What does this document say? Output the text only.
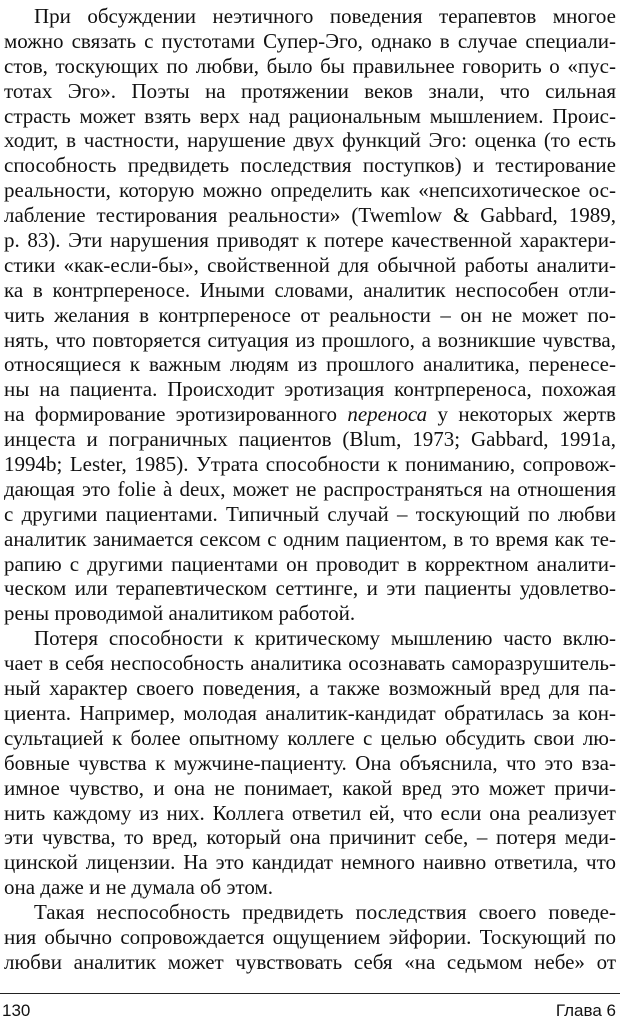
При обсуждении неэтичного поведения терапевтов многое
можно связать с пустотами Супер-Эго, однако в случае специали-
стов, тоскующих по любви, было бы правильнее говорить о «пус-
тотах Эго». Поэты на протяжении веков знали, что сильная
страсть может взять верх над рациональным мышлением. Проис-
ходит, в частности, нарушение двух функций Эго: оценка (то есть
способность предвидеть последствия поступков) и тестирование
реальности, которую можно определить как «непсихотическое ос-
лабление тестирования реальности» (Twemlow & Gabbard, 1989,
p. 83). Эти нарушения приводят к потере качественной характери-
стики «как-если-бы», свойственной для обычной работы аналити-
ка в контрпереносе. Иными словами, аналитик неспособен отли-
чить желания в контрпереносе от реальности – он не может по-
нять, что повторяется ситуация из прошлого, а возникшие чувства,
относящиеся к важным людям из прошлого аналитика, перенесе-
ны на пациента. Происходит эротизация контрпереноса, похожая
на формирование эротизированного переноса у некоторых жертв
инцеста и пограничных пациентов (Blum, 1973; Gabbard, 1991a,
1994b; Lester, 1985). Утрата способности к пониманию, сопровож-
дающая это folie à deux, может не распространяться на отношения
с другими пациентами. Типичный случай – тоскующий по любви
аналитик занимается сексом с одним пациентом, в то время как те-
рапию с другими пациентами он проводит в корректном аналити-
ческом или терапевтическом сеттинге, и эти пациенты удовлетво-
рены проводимой аналитиком работой.
Потеря способности к критическому мышлению часто вклю-
чает в себя неспособность аналитика осознавать саморазрушитель-
ный характер своего поведения, а также возможный вред для па-
циента. Например, молодая аналитик-кандидат обратилась за кон-
сультацией к более опытному коллеге с целью обсудить свои лю-
бовные чувства к мужчине-пациенту. Она объяснила, что это вза-
имное чувство, и она не понимает, какой вред это может причи-
нить каждому из них. Коллега ответил ей, что если она реализует
эти чувства, то вред, который она причинит себе, – потеря меди-
цинской лицензии. На это кандидат немного наивно ответила, что
она даже и не думала об этом.
Такая неспособность предвидеть последствия своего поведе-
ния обычно сопровождается ощущением эйфории. Тоскующий по
любви аналитик может чувствовать себя «на седьмом небе» от
130	Глава 6
